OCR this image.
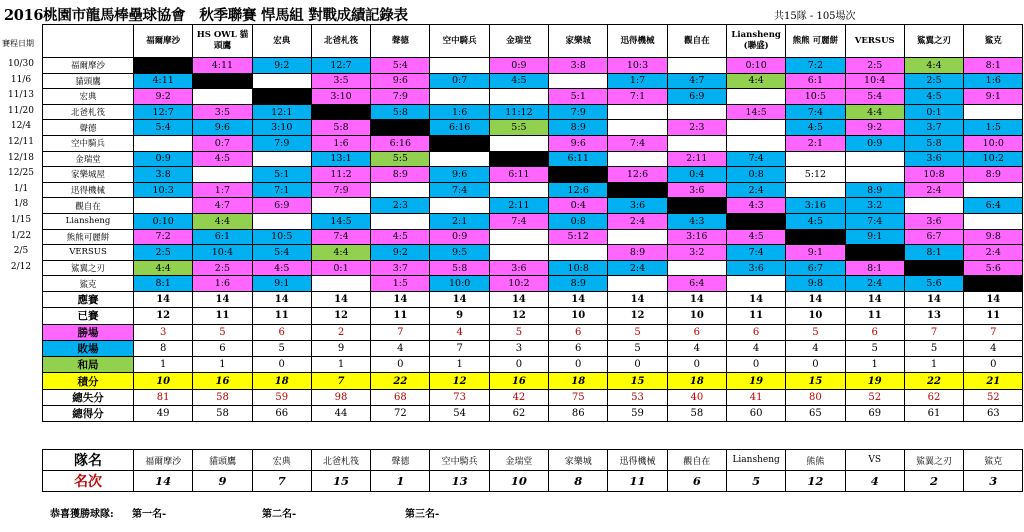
2016桃園市龍馬棒壘球協會　秋季聯賽 悍馬組 對戰成績記錄表	共15隊 - 105場次
賽程日期
10/30
11/6
11/13
11/20
12/4
12/11
12/18
12/25
1/1
1/8
1/15
1/22
2/5
2/12
	福爾摩沙	HS OWL 貓頭鷹	宏典	北爸札筏	聲德	空中騎兵	金瑞堂	家樂城	迅得機械	觀自在	Liansheng (聯盛)	熊熊 可麗餅	VERSUS	鯊翼之刃	鯊克
福爾摩沙		4:11	9:2	12:7	5:4		0:9	3:8	10:3		0:10	7:2	2:5	4:4	8:1
貓頭鷹	4:11			3:5	9:6	0:7	4:5		1:7	4:7	4:4	6:1	10:4	2:5	1:6
宏典	9:2			3:10	7:9			5:1	7:1	6:9		10:5	5:4	4:5	9:1
北爸札筏	12:7	3:5	12:1		5:8	1:6	11:12	7:9			14:5	7:4	4:4	0:1	
聲德	5:4	9:6	3:10	5:8		6:16	5:5	8:9		2:3		4:5	9:2	3:7	1:5
空中騎兵		0:7	7:9	1:6	6:16			9:6	7:4			2:1	0:9	5:8	10:0
金瑞堂	0:9	4:5		13:1	5:5			6:11		2:11	7:4			3:6	10:2
家樂城屋	3:8		5:1	11:2	8:9	9:6	6:11		12:6	0:4	0:8	5:12		10:8	8:9
迅得機械	10:3	1:7	7:1	7:9		7:4		12:6		3:6	2:4		8:9	2:4	
觀自在		4:7	6:9		2:3		2:11	0:4	3:6		4:3	3:16	3:2		6:4
Liansheng	0:10	4:4		14:5		2:1	7:4	0:8	2:4	4:3		4:5	7:4	3:6	
熊熊可麗餅	7:2	6:1	10:5	7:4	4:5	0:9		5:12		3:16	4:5		9:1	6:7	9:8
VERSUS	2:5	10:4	5:4	4:4	9:2	9:5			8:9	3:2	7:4	9:1		8:1	2:4
鯊翼之刃	4:4	2:5	4:5	0:1	3:7	5:8	3:6	10:8	2:4		3:6	6:7	8:1		5:6
鯊克	8:1	1:6	9:1		1:5	10:0	10:2	8:9		6:4		9:8	2:4	5:6	
應賽	14	14	14	14	14	14	14	14	14	14	14	14	14	14	14
已賽	12	11	11	12	11	9	12	10	12	10	11	10	11	13	11
勝場	3	5	6	2	7	4	5	6	5	6	6	5	6	7	7
敗場	8	6	5	9	4	7	3	6	5	4	4	4	5	5	4
和局	1	1	0	1	0	1	0	0	0	0	0	0	1	1	0
積分	10	16	18	7	22	12	16	18	15	18	19	15	19	22	21
總失分	81	58	59	98	68	73	42	75	53	40	41	80	52	62	52
總得分	49	58	66	44	72	54	62	86	59	58	60	65	69	61	63
隊名	福爾摩沙	貓頭鷹	宏典	北爸札筏	聲德	空中騎兵	金瑞堂	家樂城	迅得機械	觀自在	Liansheng	熊熊	VS	鯊翼之刃	鯊克
名次	14	9	7	15	1	13	10	8	11	6	5	12	4	2	3
恭喜獲勝球隊: 第一名-	第二名-	第三名-
